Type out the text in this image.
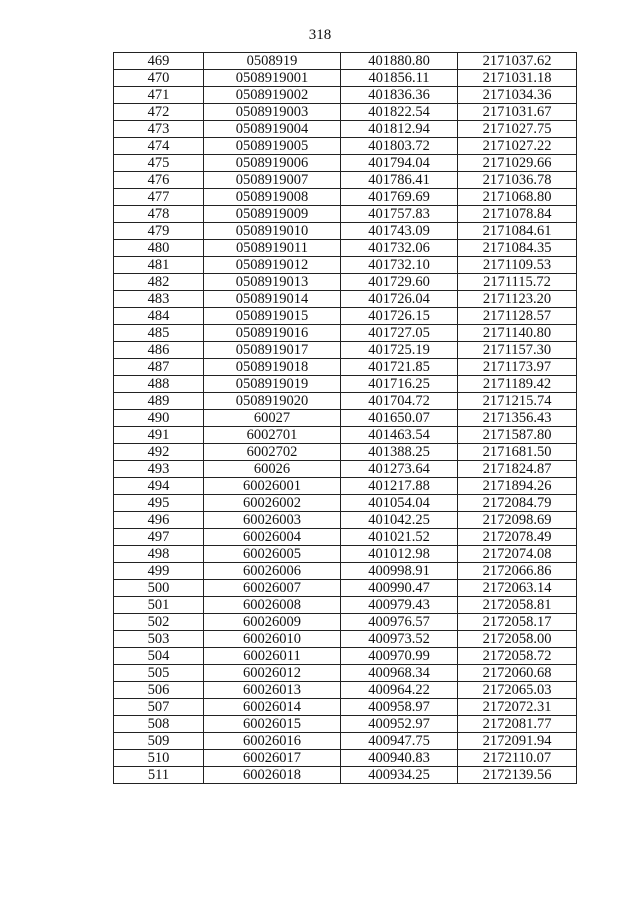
318
469	0508919	401880.80	2171037.62
470	0508919001	401856.11	2171031.18
471	0508919002	401836.36	2171034.36
472	0508919003	401822.54	2171031.67
473	0508919004	401812.94	2171027.75
474	0508919005	401803.72	2171027.22
475	0508919006	401794.04	2171029.66
476	0508919007	401786.41	2171036.78
477	0508919008	401769.69	2171068.80
478	0508919009	401757.83	2171078.84
479	0508919010	401743.09	2171084.61
480	0508919011	401732.06	2171084.35
481	0508919012	401732.10	2171109.53
482	0508919013	401729.60	2171115.72
483	0508919014	401726.04	2171123.20
484	0508919015	401726.15	2171128.57
485	0508919016	401727.05	2171140.80
486	0508919017	401725.19	2171157.30
487	0508919018	401721.85	2171173.97
488	0508919019	401716.25	2171189.42
489	0508919020	401704.72	2171215.74
490	60027	401650.07	2171356.43
491	6002701	401463.54	2171587.80
492	6002702	401388.25	2171681.50
493	60026	401273.64	2171824.87
494	60026001	401217.88	2171894.26
495	60026002	401054.04	2172084.79
496	60026003	401042.25	2172098.69
497	60026004	401021.52	2172078.49
498	60026005	401012.98	2172074.08
499	60026006	400998.91	2172066.86
500	60026007	400990.47	2172063.14
501	60026008	400979.43	2172058.81
502	60026009	400976.57	2172058.17
503	60026010	400973.52	2172058.00
504	60026011	400970.99	2172058.72
505	60026012	400968.34	2172060.68
506	60026013	400964.22	2172065.03
507	60026014	400958.97	2172072.31
508	60026015	400952.97	2172081.77
509	60026016	400947.75	2172091.94
510	60026017	400940.83	2172110.07
511	60026018	400934.25	2172139.56
